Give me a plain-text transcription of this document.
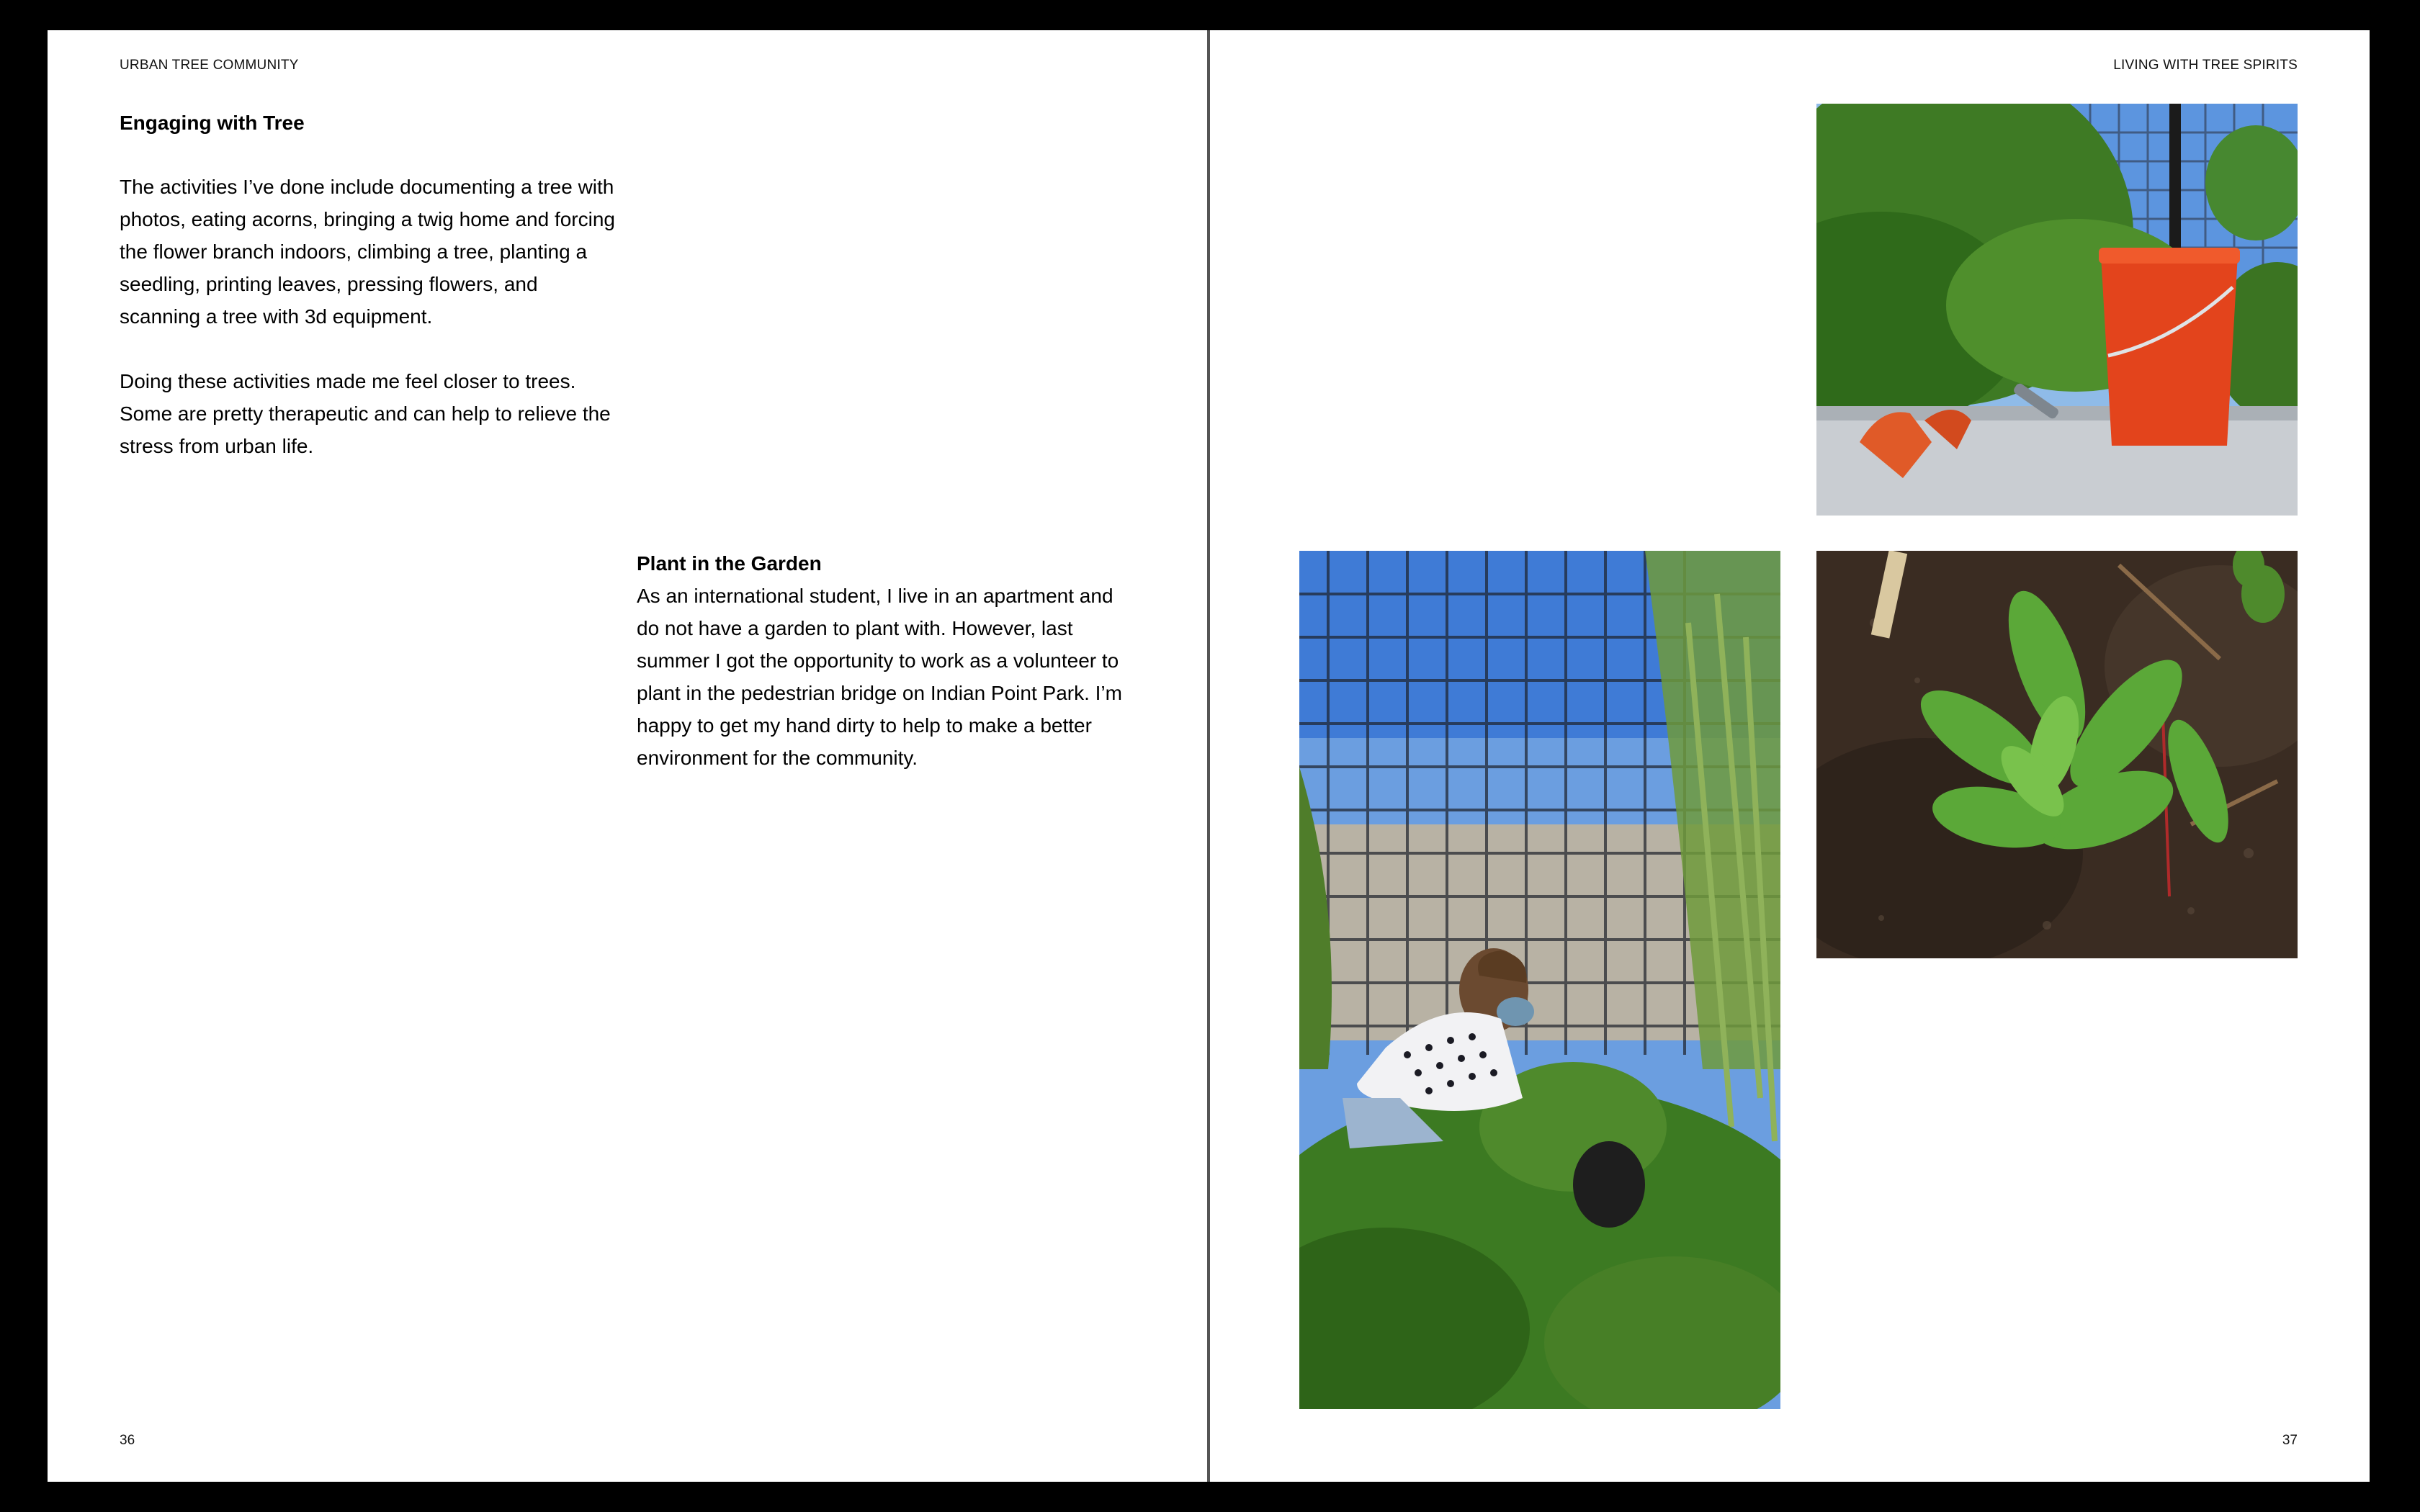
URBAN TREE COMMUNITY
Engaging with Tree

The activities I’ve done include documenting a tree with photos, eating acorns, bringing a twig home and forcing the flower branch indoors, climbing a tree, planting a seedling, printing leaves, pressing flowers, and scanning a tree with 3d equipment.

Doing these activities made me feel closer to trees. Some are pretty therapeutic and can help to relieve the stress from urban life.

Plant in the Garden

As an international student, I live in an apartment and do not have a garden to plant with. However, last summer I got the opportunity to work as a volunteer to plant in the pedestrian bridge on Indian Point Park. I’m happy to get my hand dirty to help to make a better environment for the community.

36
LIVING WITH TREE SPIRITS
37
